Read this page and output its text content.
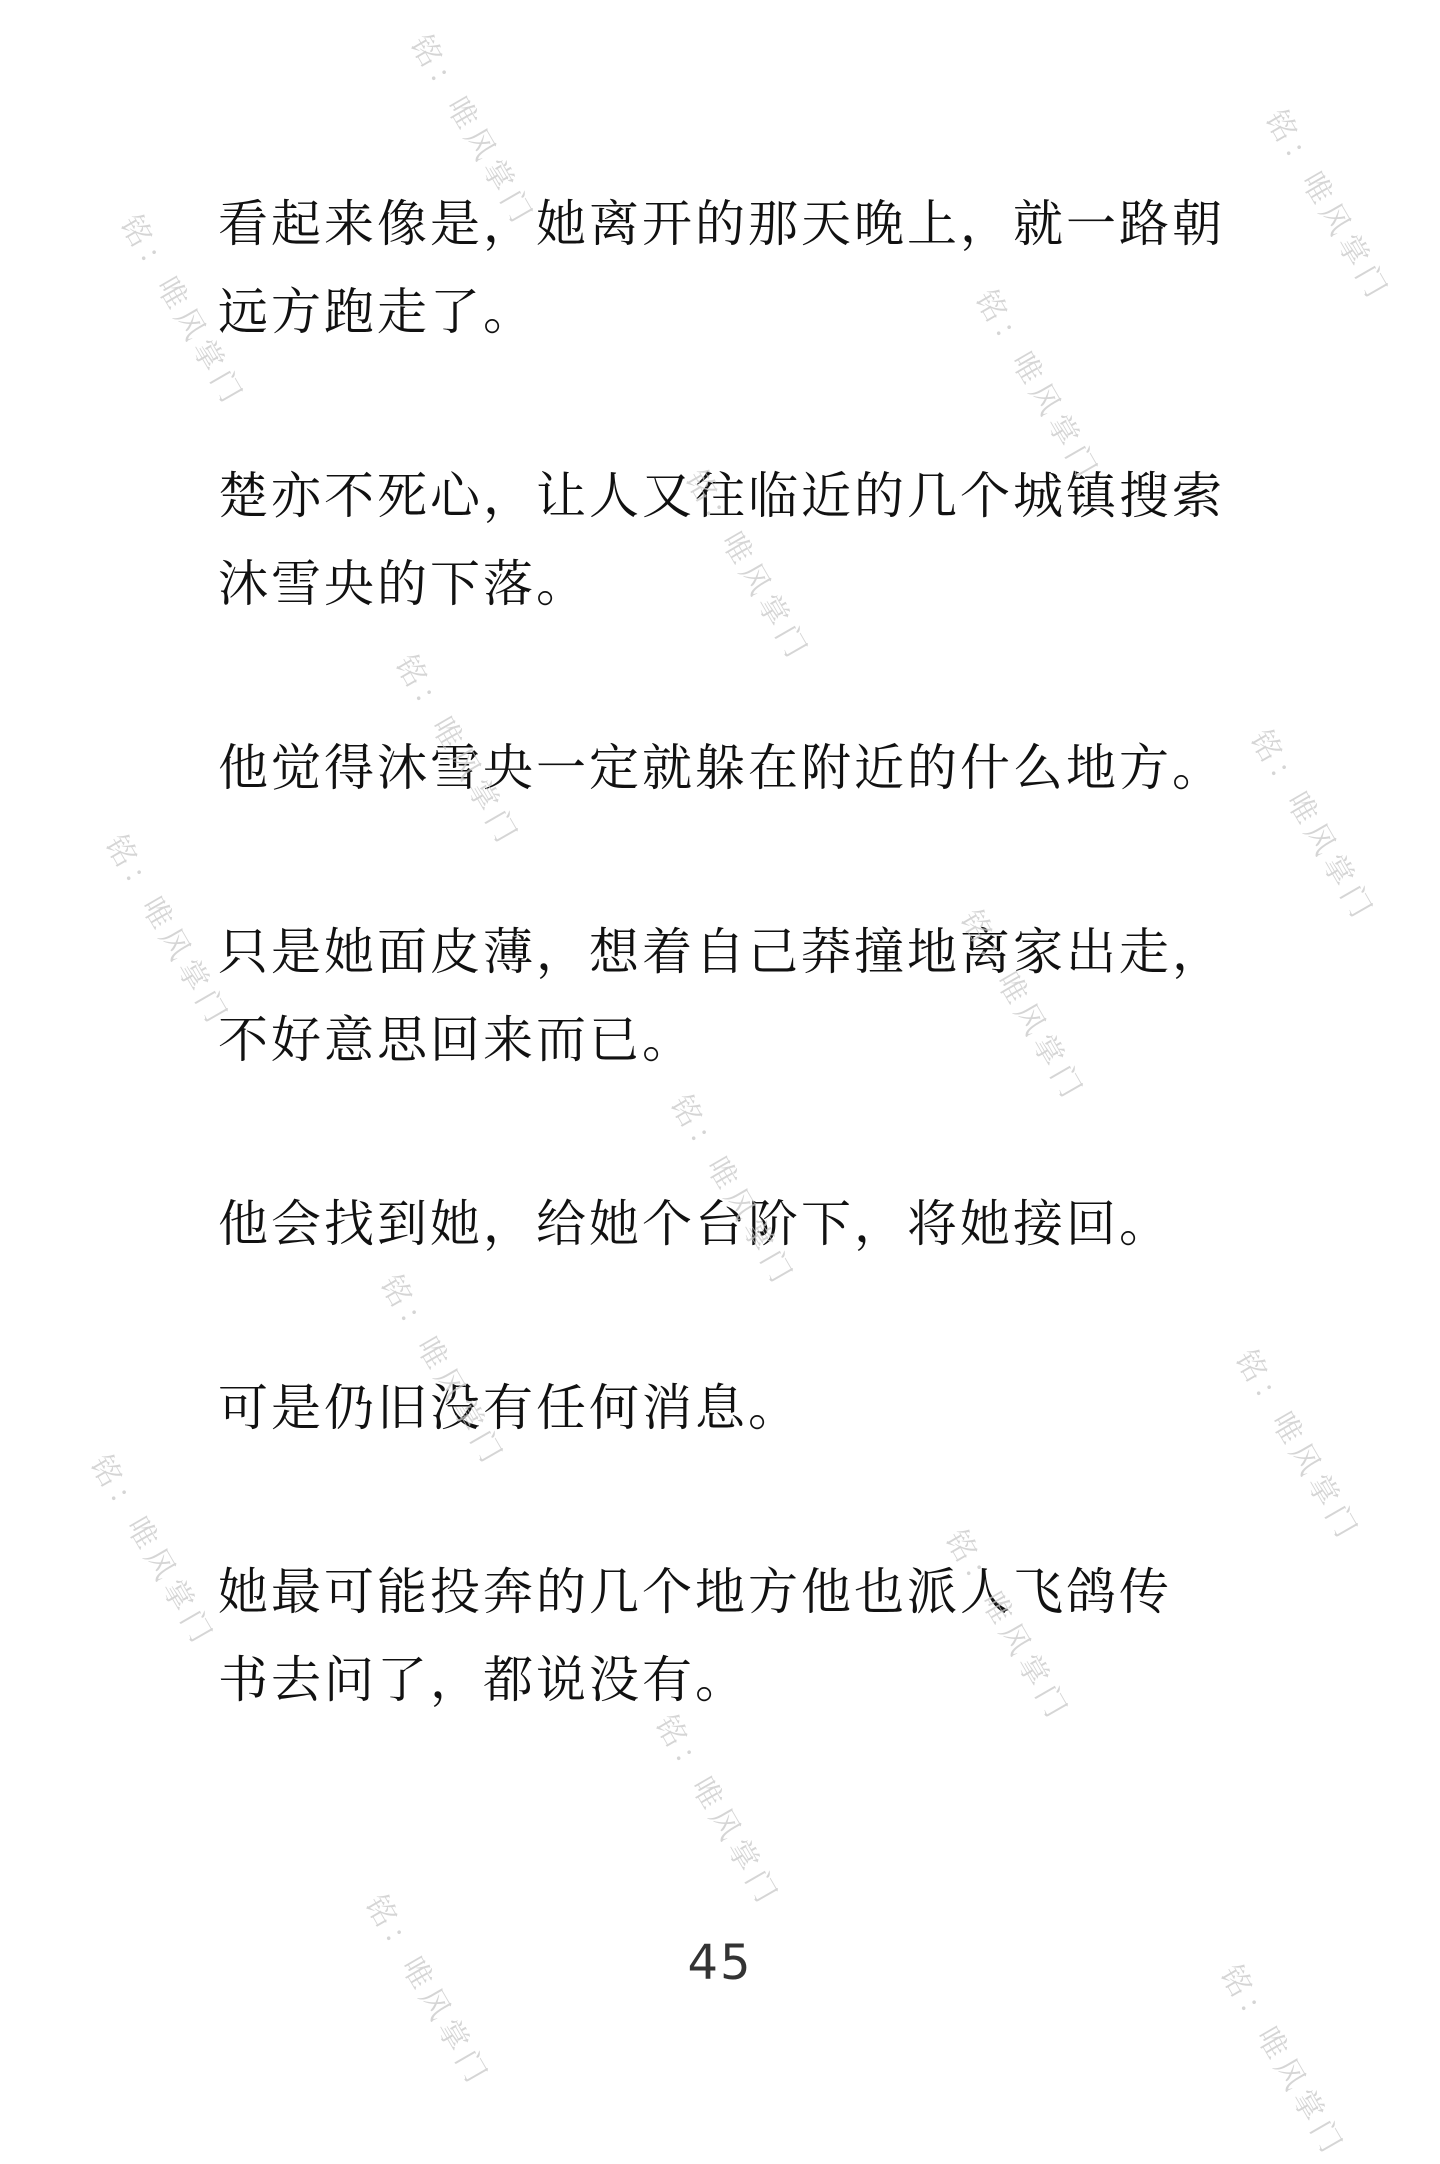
看起来像是，她离开的那天晚上，就一路朝
远方跑走了。

楚亦不死心，让人又往临近的几个城镇搜索
沐雪央的下落。

他觉得沐雪央一定就躲在附近的什么地方。

只是她面皮薄，想着自己莽撞地离家出走，
不好意思回来而已。

他会找到她，给她个台阶下，将她接回。

可是仍旧没有任何消息。

她最可能投奔的几个地方他也派人飞鸽传
书去问了，都说没有。

45
铭：唯风掌门	铭：唯风掌门
铭：唯风掌门	铭：唯风掌门
铭：唯风掌门
铭：唯风掌门	铭：唯风掌门
铭：唯风掌门	铭：唯风掌门
铭：唯风掌门
铭：唯风掌门	铭：唯风掌门
铭：唯风掌门	铭：唯风掌门
铭：唯风掌门
铭：唯风掌门	铭：唯风掌门
